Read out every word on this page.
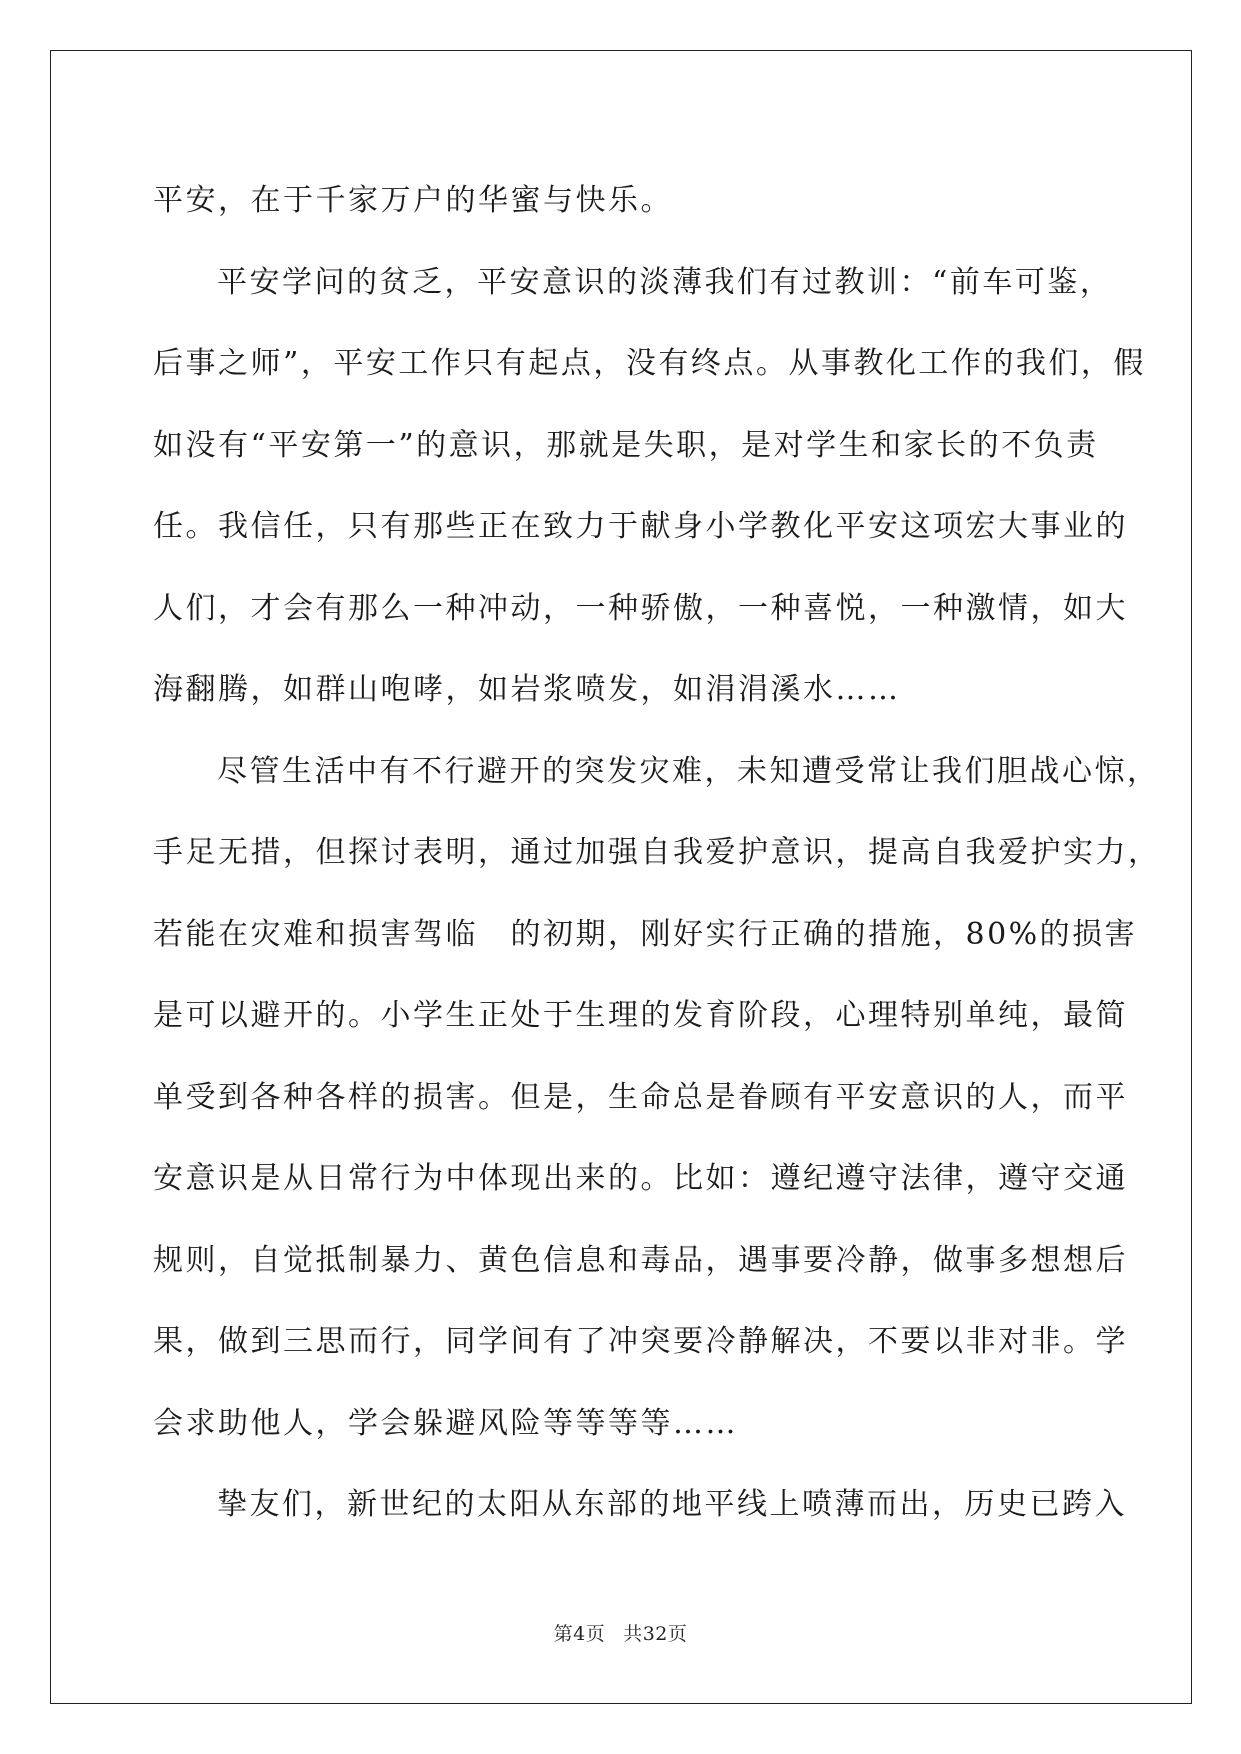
平安，在于千家万户的华蜜与快乐。

平安学问的贫乏，平安意识的淡薄我们有过教训：“前车可鉴，
后事之师”，平安工作只有起点，没有终点。从事教化工作的我们，假
如没有“平安第一”的意识，那就是失职，是对学生和家长的不负责
任。我信任，只有那些正在致力于献身小学教化平安这项宏大事业的
人们，才会有那么一种冲动，一种骄傲，一种喜悦，一种激情，如大
海翻腾，如群山咆哮，如岩浆喷发，如涓涓溪水……

尽管生活中有不行避开的突发灾难，未知遭受常让我们胆战心惊，
手足无措，但探讨表明，通过加强自我爱护意识，提高自我爱护实力，
若能在灾难和损害驾临　的初期，刚好实行正确的措施，80%的损害
是可以避开的。小学生正处于生理的发育阶段，心理特别单纯，最简
单受到各种各样的损害。但是，生命总是眷顾有平安意识的人，而平
安意识是从日常行为中体现出来的。比如：遵纪遵守法律，遵守交通
规则，自觉抵制暴力、黄色信息和毒品，遇事要冷静，做事多想想后
果，做到三思而行，同学间有了冲突要冷静解决，不要以非对非。学
会求助他人，学会躲避风险等等等等……

挚友们，新世纪的太阳从东部的地平线上喷薄而出，历史已跨入

第4页 共32页
